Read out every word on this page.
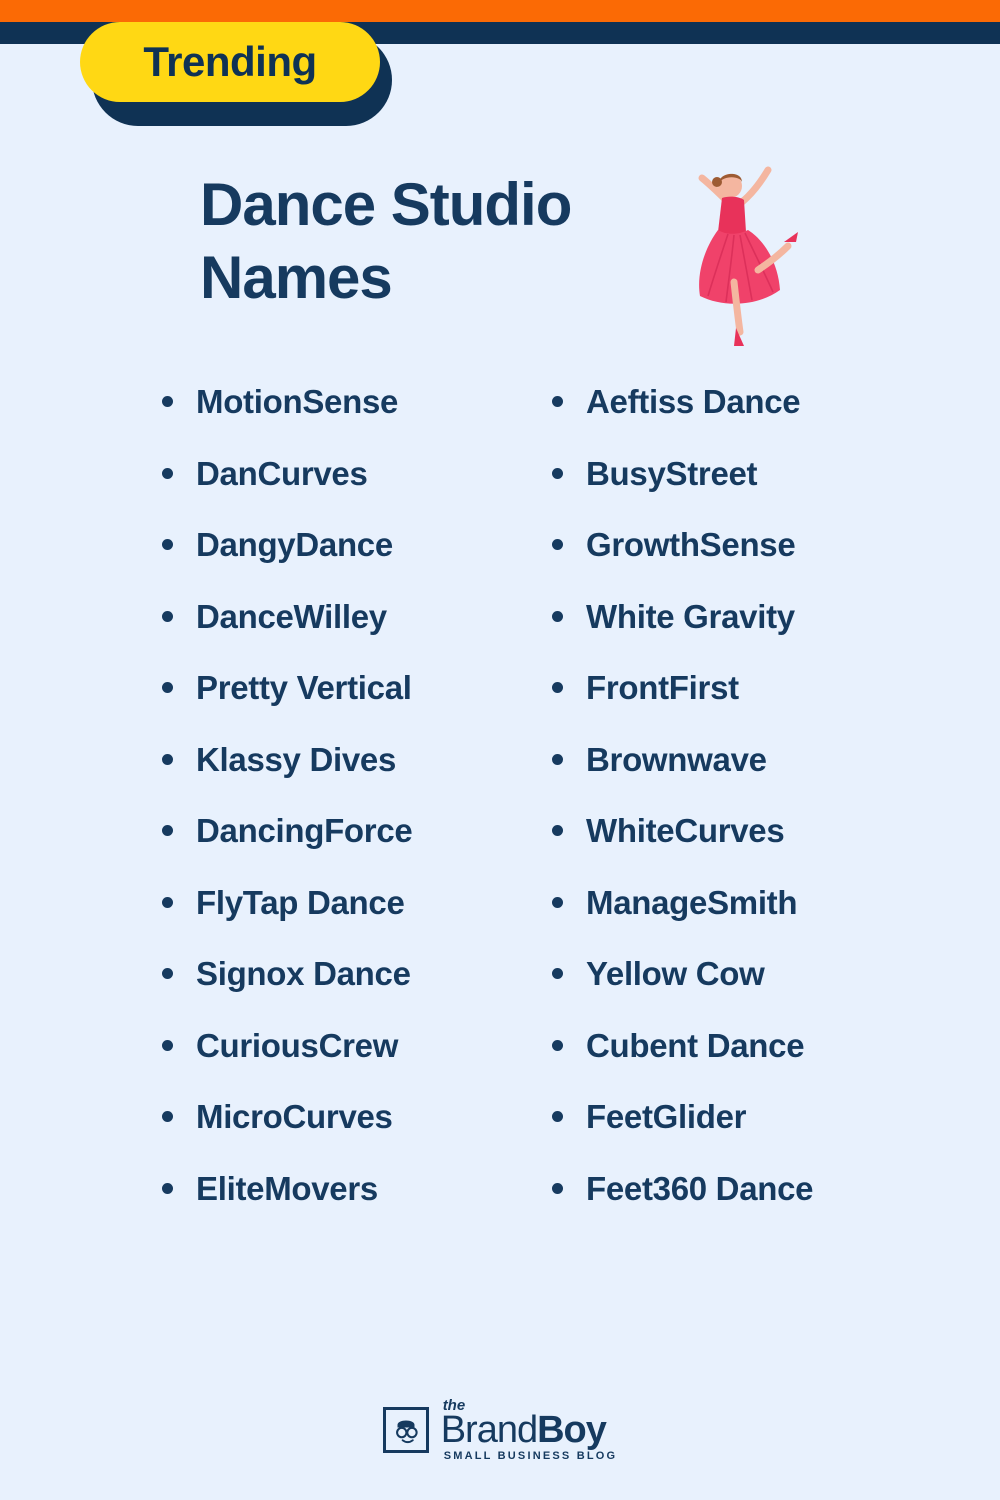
Trending
Dance Studio Names
MotionSense
DanCurves
DangyDance
DanceWilley
Pretty Vertical
Klassy Dives
DancingForce
FlyTap Dance
Signox Dance
CuriousCrew
MicroCurves
EliteMovers
Aeftiss Dance
BusyStreet
GrowthSense
White Gravity
FrontFirst
Brownwave
WhiteCurves
ManageSmith
Yellow Cow
Cubent Dance
FeetGlider
Feet360 Dance
the
BrandBoy
SMALL BUSINESS BLOG
